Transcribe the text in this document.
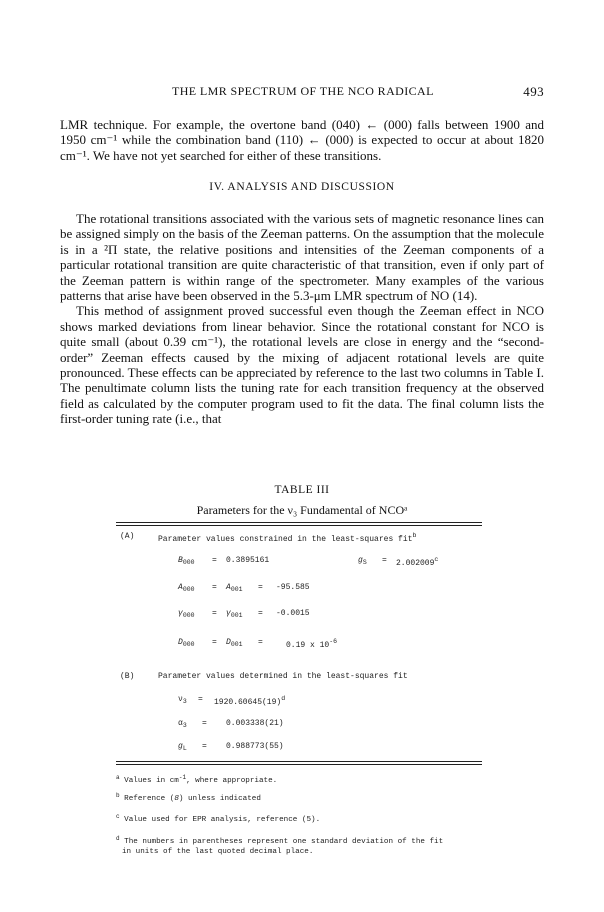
THE LMR SPECTRUM OF THE NCO RADICAL	493

LMR technique. For example, the overtone band (040) ← (000) falls between 1900 and 1950 cm⁻¹ while the combination band (110) ← (000) is expected to occur at about 1820 cm⁻¹. We have not yet searched for either of these transitions.

IV. ANALYSIS AND DISCUSSION

The rotational transitions associated with the various sets of magnetic resonance lines can be assigned simply on the basis of the Zeeman patterns. On the assumption that the molecule is in a ²Π state, the relative positions and intensities of the Zeeman components of a particular rotational transition are quite characteristic of that transition, even if only part of the Zeeman pattern is within range of the spectrometer. Many examples of the various patterns that arise have been observed in the 5.3-μm LMR spectrum of NO (14).

This method of assignment proved successful even though the Zeeman effect in NCO shows marked deviations from linear behavior. Since the rotational constant for NCO is quite small (about 0.39 cm⁻¹), the rotational levels are close in energy and the “second-order” Zeeman effects caused by the mixing of adjacent rotational levels are quite pronounced. These effects can be appreciated by reference to the last two columns in Table I. The penultimate column lists the tuning rate for each transition frequency at the observed field as calculated by the computer program used to fit the data. The final column lists the first-order tuning rate (i.e., that

TABLE III
Parameters for the ν₃ Fundamental of NCOᵃ
(A)	Parameter values constrained in the least-squares fit$^b$
$B_{000} = 0.3895161$	$g_S = 2.002009^c$
$A_{000} = A_{001} = -95.585$
$\gamma_{000} = \gamma_{001} = -0.0015$
$D_{000} = D_{001}$ =	0.19 x $10^{-6}$
(B)	Parameter values determined in the least-squares fit
$\nu_3 = 1920.60645(19)^d$
$\alpha_3 = 0.003338(21)$
$g_L = 0.988773(55)$
$^a$ Values in $cm^{-1}$, where appropriate.
$^b$ Reference (8) unless indicated
$^c$ Value used for EPR analysis, reference (5).
$^d$ The numbers in parentheses represent one standard deviation of the fit
in units of the last quoted decimal place.
